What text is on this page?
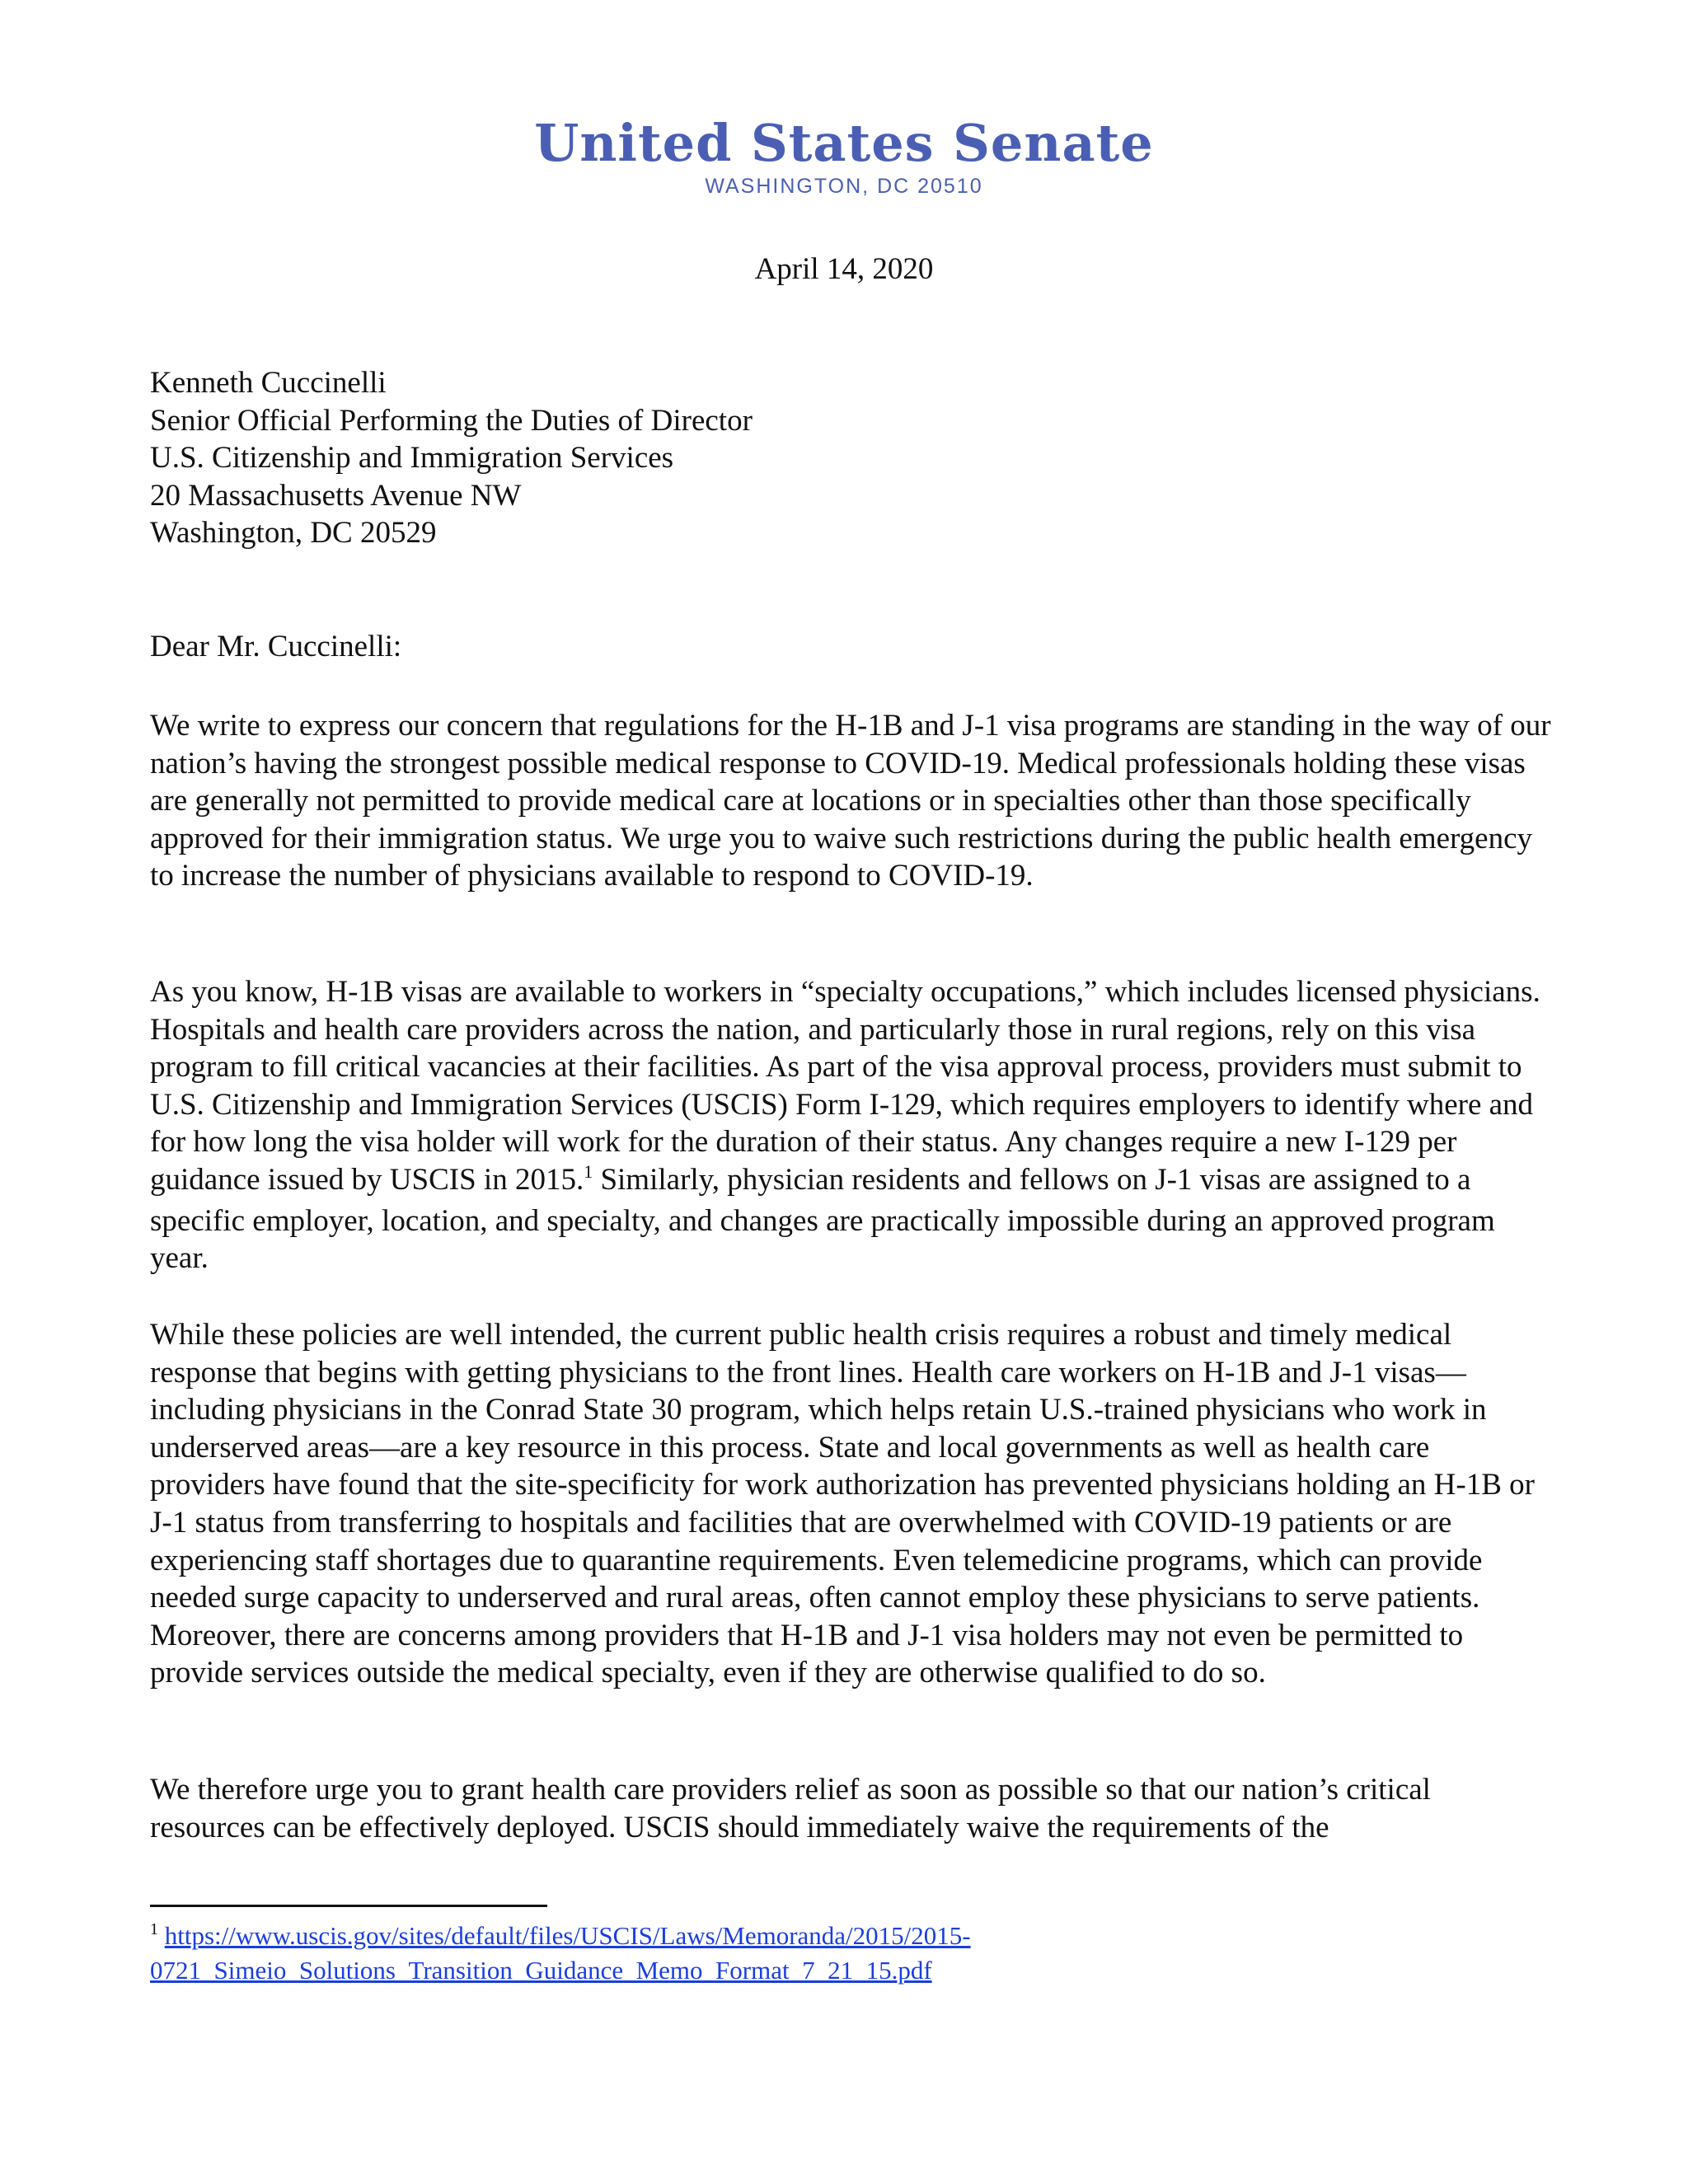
United States Senate
WASHINGTON, DC 20510
April 14, 2020
Kenneth Cuccinelli
Senior Official Performing the Duties of Director
U.S. Citizenship and Immigration Services
20 Massachusetts Avenue NW
Washington, DC 20529
Dear Mr. Cuccinelli:

We write to express our concern that regulations for the H-1B and J-1 visa programs are standing in the way of our nation’s having the strongest possible medical response to COVID-19. Medical professionals holding these visas are generally not permitted to provide medical care at locations or in specialties other than those specifically approved for their immigration status. We urge you to waive such restrictions during the public health emergency to increase the number of physicians available to respond to COVID-19.

As you know, H-1B visas are available to workers in “specialty occupations,” which includes licensed physicians. Hospitals and health care providers across the nation, and particularly those in rural regions, rely on this visa program to fill critical vacancies at their facilities. As part of the visa approval process, providers must submit to U.S. Citizenship and Immigration Services (USCIS) Form I-129, which requires employers to identify where and for how long the visa holder will work for the duration of their status. Any changes require a new I-129 per guidance issued by USCIS in 2015.$^1$ Similarly, physician residents and fellows on J-1 visas are assigned to a specific employer, location, and specialty, and changes are practically impossible during an approved program year.

While these policies are well intended, the current public health crisis requires a robust and timely medical response that begins with getting physicians to the front lines. Health care workers on H-1B and J-1 visas—including physicians in the Conrad State 30 program, which helps retain U.S.-trained physicians who work in underserved areas—are a key resource in this process. State and local governments as well as health care providers have found that the site-specificity for work authorization has prevented physicians holding an H-1B or J-1 status from transferring to hospitals and facilities that are overwhelmed with COVID-19 patients or are experiencing staff shortages due to quarantine requirements. Even telemedicine programs, which can provide needed surge capacity to underserved and rural areas, often cannot employ these physicians to serve patients. Moreover, there are concerns among providers that H-1B and J-1 visa holders may not even be permitted to provide services outside the medical specialty, even if they are otherwise qualified to do so.

We therefore urge you to grant health care providers relief as soon as possible so that our nation’s critical resources can be effectively deployed. USCIS should immediately waive the requirements of the

$^1$ https://www.uscis.gov/sites/default/files/USCIS/Laws/Memoranda/2015/2015-
0721_Simeio_Solutions_Transition_Guidance_Memo_Format_7_21_15.pdf
